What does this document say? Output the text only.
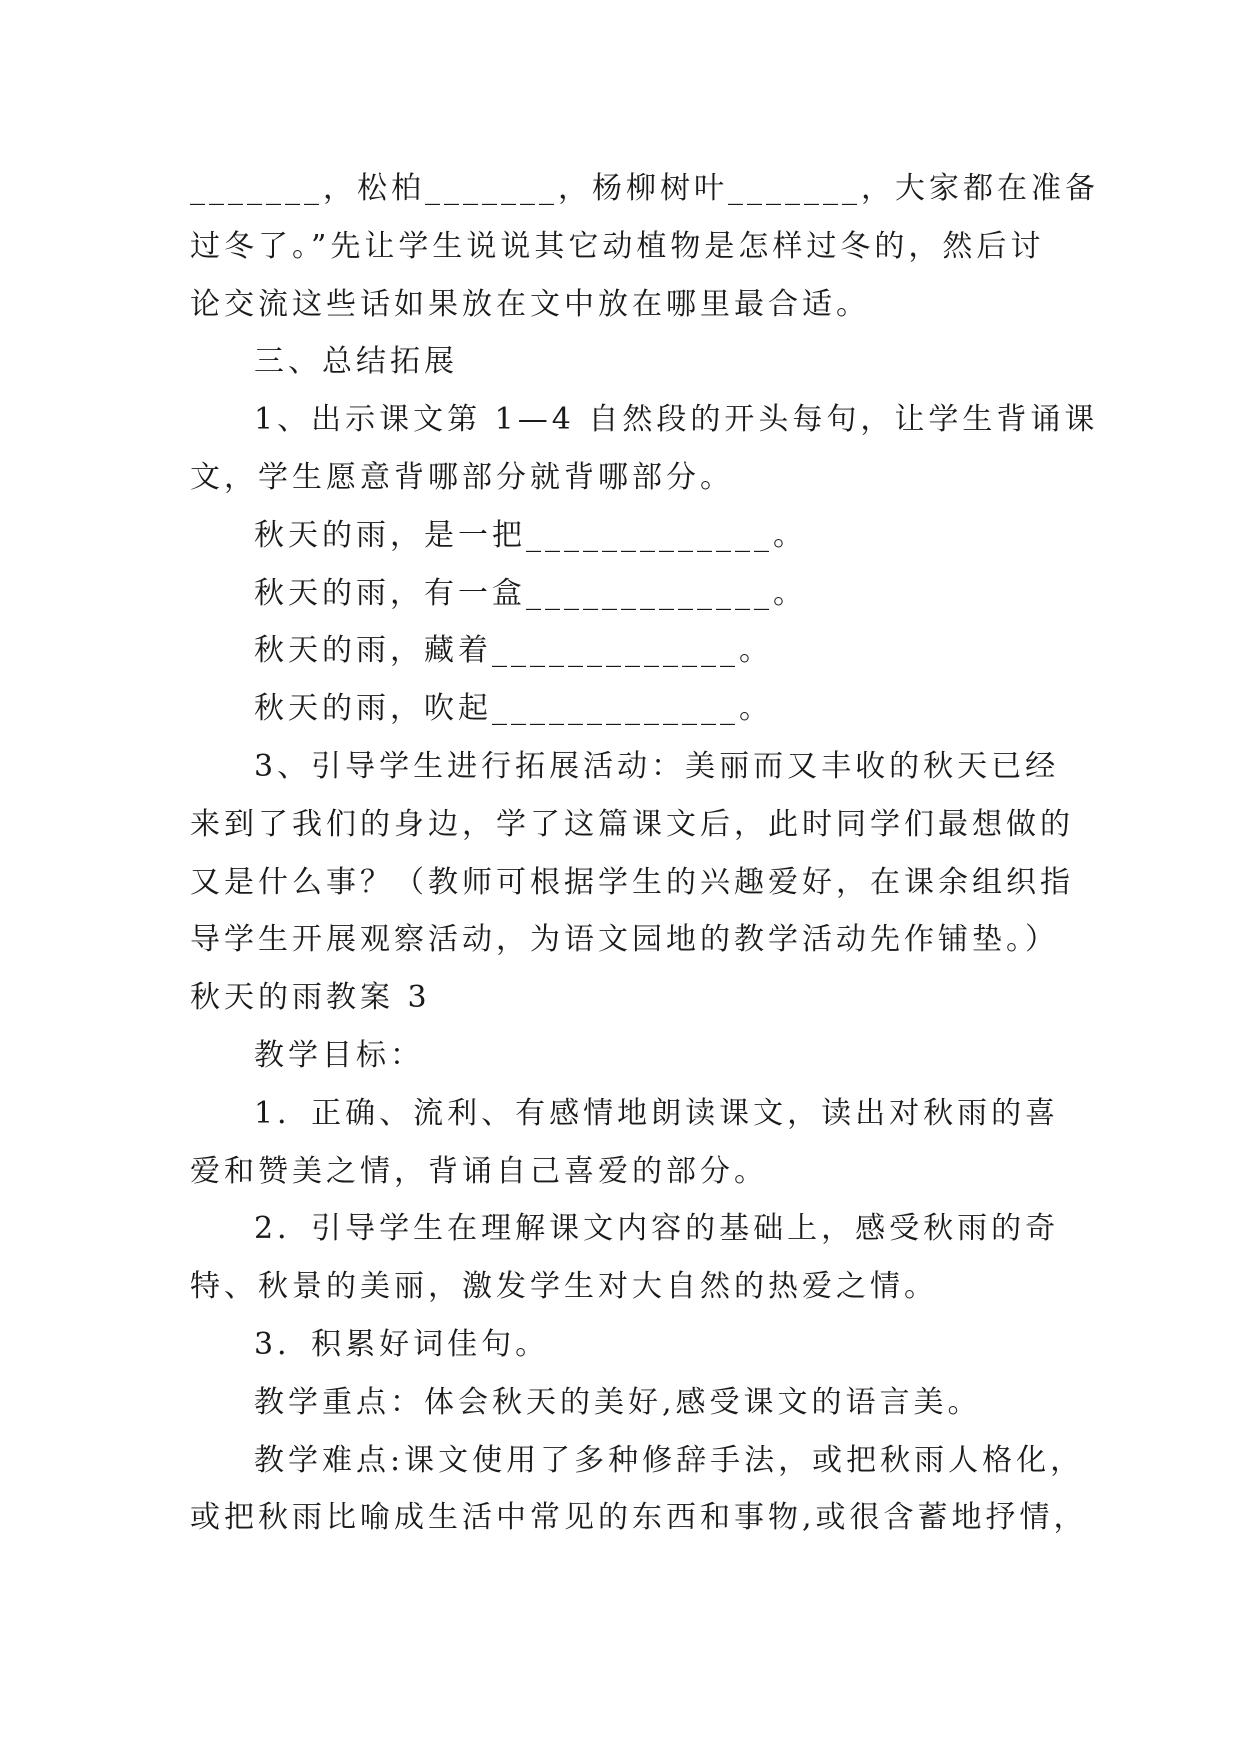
_______，松柏_______，杨柳树叶_______，大家都在准备
过冬了。”先让学生说说其它动植物是怎样过冬的，然后讨
论交流这些话如果放在文中放在哪里最合适。
三、总结拓展
1、出示课文第 1—4 自然段的开头每句，让学生背诵课
文，学生愿意背哪部分就背哪部分。
秋天的雨，是一把_____________。
秋天的雨，有一盒_____________。
秋天的雨，藏着_____________。
秋天的雨，吹起_____________。
3、引导学生进行拓展活动：美丽而又丰收的秋天已经
来到了我们的身边，学了这篇课文后，此时同学们最想做的
又是什么事？（教师可根据学生的兴趣爱好，在课余组织指
导学生开展观察活动，为语文园地的教学活动先作铺垫。）
秋天的雨教案 3
教学目标：
1．正确、流利、有感情地朗读课文，读出对秋雨的喜
爱和赞美之情，背诵自己喜爱的部分。
2．引导学生在理解课文内容的基础上，感受秋雨的奇
特、秋景的美丽，激发学生对大自然的热爱之情。
3．积累好词佳句。
教学重点：体会秋天的美好,感受课文的语言美。
教学难点:课文使用了多种修辞手法，或把秋雨人格化，
或把秋雨比喻成生活中常见的东西和事物,或很含蓄地抒情，
